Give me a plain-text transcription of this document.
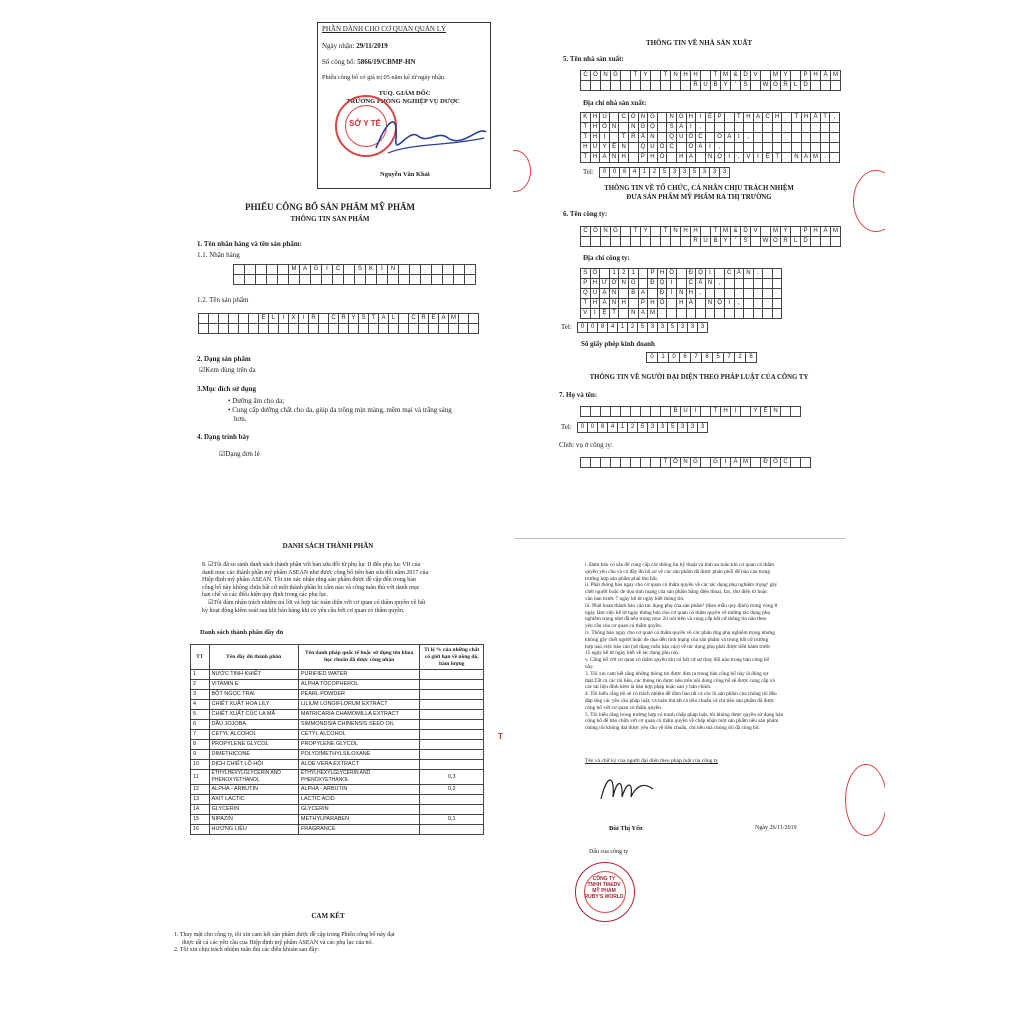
PHẦN DÀNH CHO CƠ QUAN QUẢN LÝ
Ngày nhận: 29/11/2019
Số công bố: 5866/19/CBMP-HN
Phiếu công bố có giá trị 05 năm kể từ ngày nhận.
TUQ. GIÁM ĐỐC
TRƯỞNG PHÒNG NGHIỆP VỤ DƯỢC
SỞ Y TẾ
Nguyễn Văn Khải
PHIẾU CÔNG BỐ SẢN PHẨM MỸ PHẨM
THÔNG TIN SẢN PHẨM
1. Tên nhãn hàng và tên sản phẩm:
1.1. Nhãn hàng
M	A	G	I	C	S	K	I	N
1.2. Tên sản phẩm
E	L	I	X	I	R	C R Y S	T	A	L	C R E A M
2. Dạng sản phẩm
☑Kem dùng trên da
3.Mục đích sử dụng
• Dưỡng ẩm cho da;
• Cung cấp dưỡng chất cho da, giúp da trông mịn màng, mềm mại và trắng sáng
hơn.
4. Dạng trình bày
☑Dạng đơn lẻ
THÔNG TIN VỀ NHÀ SẢN XUẤT
5. Tên nhà sản xuất:
C Ô N G	T	Y	T	N H H	T M & D V	M Ỹ	P H Ẩ M
R U B Y	'	S	W O R	L	D
Địa chỉ nhà sản xuất:
K H U	C Ô N G	N G H	I	Ệ P	T H Ạ C H	T H Ấ T	,
T H Ô N	N G Ọ	S Á	I	,
T H	Ị	T R Ấ N	Q U Ố C	O A	I	,
H U Y Ệ N	Q U Ố C	O A	I	,
T H À N H	P H Ố	H À	N Ộ	I	,	V	I	Ệ T	N A M	.
Tel:	0	0	8	4	1	2	5	3	3	5	3	3	3
THÔNG TIN VỀ TỔ CHỨC, CÁ NHÂN CHỊU TRÁCH NHIỆM
ĐƯA SẢN PHẨM MỸ PHẨM RA THỊ TRƯỜNG
6. Tên công ty:
C Ô N G	T	Y	T	N H H	T M & D V	M Ỹ	P H Ẩ M
R U B Y	'	S	W O R	L	D
Địa chỉ công ty:
S Ố	1	2	1	P H Ố	Đ Ộ	I	C Ấ N	,
P H Ư Ờ N G	Đ Ộ	I	C Ấ N	,
Q U Ậ N	B A	Đ	Ì	N H	,
T H À N H	P H Ố	H À	N Ộ	I	,
V	I	Ệ T	N A M	.
Tel:	0	0	8	4	1	2	5	3	3	5	3	3	3
Số giấy phép kinh doanh
0	1	0	6	7	8	5	7	2	8
THÔNG TIN VỀ NGƯỜI ĐẠI DIỆN THEO PHÁP LUẬT CỦA CÔNG TY
7. Họ và tên:
B Ù	I	T	H	Ị	Y Ế N
Tel:	0	0	8	4	1	2	5	3	3	5	3	3	3
Chức vụ ở công ty:
T Ổ N G	G	I	Á M	Đ Ố C
DANH SÁCH THÀNH PHẦN
8. ☑Tôi đã so sánh danh sách thành phần với bản sửa đổi từ phụ lục II đến phụ lục VII của
danh mục các thành phần mỹ phẩm ASEAN như được công bố trên bản sửa đổi năm 2017 của
Hiệp định mỹ phẩm ASEAN. Tôi xin xác nhận rằng sản phẩm được đề cập đến trong bản
công bố này không chứa bất cứ một thành phần bị cấm nào và công tuân thủ với danh mục
hạn chế và các điều kiện quy định trong các phụ lục.
☑Tôi đảm nhận trách nhiệm trả lời và hợp tác toàn diện với cơ quan có thẩm quyền về bất
kỳ hoạt động kiểm soát sau khi bán hàng khi có yêu cầu bởi cơ quan có thẩm quyền.
Danh sách thành phần đầy đủ
TT	Tên đầy đủ thành phần	Tên danh pháp quốc tế hoặc sử dụng tên khoa học chuẩn đã được công nhận	Tỉ lệ % của những chất có giới hạn về nồng độ, hàm lượng
1	NƯỚC TINH KHIẾT	PURIFIED WATER	
2	VITAMIN E	ALPHA TOCOPHEROL	
3	BỘT NGỌC TRAI	PEARL POWDER	
4	CHIẾT XUẤT HOA LILY	LILIUM LONGIFLORUM EXTRACT	
5	CHIẾT XUẤT CÚC LA MÃ	MATRICARIA CHAMOMILLA EXTRACT	
6	DẦU JOJOBA	SIMMONDSIA CHINENSIS SEED OIL	
7	CETYL ALCOHOL	CETYL ALCOHOL	
8	PROPYLENE GLYCOL	PROPYLENE GLYCOL	
9	DIMETHICONE	POLYDIMETHYLSILOXANE	
10	DỊCH CHIẾT LÔ HỘI	ALOE VERA EXTRACT	
11	ETHYLHEXYLGLYCERIN AND PHENOXYETHANOL	ETHYLHEXYLGLYCERIN AND PHENOXYETHANOL	0,3
12	ALPHA - ARBUTIN	ALPHA - ARBUTIN	0,2
13	AXIT LACTIC	LACTIC ACID	
14	GLYCERIN	GLYCERIN	
15	NIPAZIN	METHYLPARABEN	0,1
16	HƯƠNG LIỆU	FRAGRANCE	
CAM KẾT
1. Thay mặt cho công ty, tôi xin cam kết sản phẩm được đề cập trong Phiếu công bố này đạt
được tất cả các yêu cầu của Hiệp định mỹ phẩm ASEAN và các phụ lục của nó.
2. Tôi xin chịu trách nhiệm tuân thủ các điều khoản sau đây:
T
i. Đảm bảo có sẵn để cung cấp các thông tin kỹ thuật và tính an toàn khi cơ quan có thẩm
quyền yêu cầu và có đầy đủ hồ sơ về các sản phẩm đã được phân phối để báo cáo trong
trường hợp sản phẩm phải thu hồi.
ii. Phải thông báo ngay cho cơ quan có thẩm quyền về các tác dụng phụ nghiêm trọng¹ gây
chết người hoặc đe dọa tính mạng của sản phẩm bằng điện thoại, fax, thư điện tử hoặc
văn bản trước 7 ngày kể từ ngày biết thông tin.
iii. Phải hoàn thành báo cáo tác dụng phụ của sản phẩm² (theo mẫu quy định) trong vòng 8
ngày làm việc kể từ ngày thông báo cho cơ quan có thẩm quyền về những tác dụng phụ
nghiêm trọng như đã nêu trong mục 2ii nói trên và cung cấp bất cứ thông tin nào theo
yêu cầu của cơ quan có thẩm quyền.
iv. Thông báo ngay cho cơ quan có thẩm quyền về các phản ứng phụ nghiêm trọng nhưng
không gây chết người hoặc đe dọa đến tính mạng của sản phẩm và trong bất cứ trường
hợp nào,việc báo cáo (sử dụng mẫu báo cáo) về tác dụng phụ phải được tiến hành trước
15 ngày kể từ ngày biết về tác dụng phụ này.
v. Công bố với cơ quan có thẩm quyền khi có bất cứ sự thay đổi nào trong bản công bố
này.
3. Tôi xin cam kết rằng những thông tin được đưa ra trong bản công bố này là đúng sự
thật.Tất cả các tài liệu, các thông tin được nêu trên nội dung công bố sẽ được cung cấp và
các tài liệu đính kèm là bản hợp pháp hoặc sao y bản chính.
4. Tôi hiểu rằng tôi sẽ có trách nhiệm để đảm bảo tất cả các lô sản phẩm của chúng tôi đều
đáp ứng các yêu cầu pháp luật, và tuân thủ tất cả tiêu chuẩn và chỉ tiêu sản phẩm đã được
công bố với cơ quan có thẩm quyền.
5. Tôi hiểu rằng trong trường hợp có tranh chấp pháp luật, tôi không được quyền sử dụng bản
công bố để bào chữa với cơ quan có thẩm quyền về chấp nhận một sản phẩm nếu sản phẩm
chúng tôi không đạt được yêu cầu về tiêu chuẩn, chỉ tiêu mà chúng tôi đã công bố.
Tên và chữ ký của người đại diện theo pháp luật của công ty
Bùi Thị Yến	Ngày 26/11/2019
Dấu của công ty
CÔNG TY
TNHH TM&DV
MỸ PHẨM
RUBY'S WORLD
